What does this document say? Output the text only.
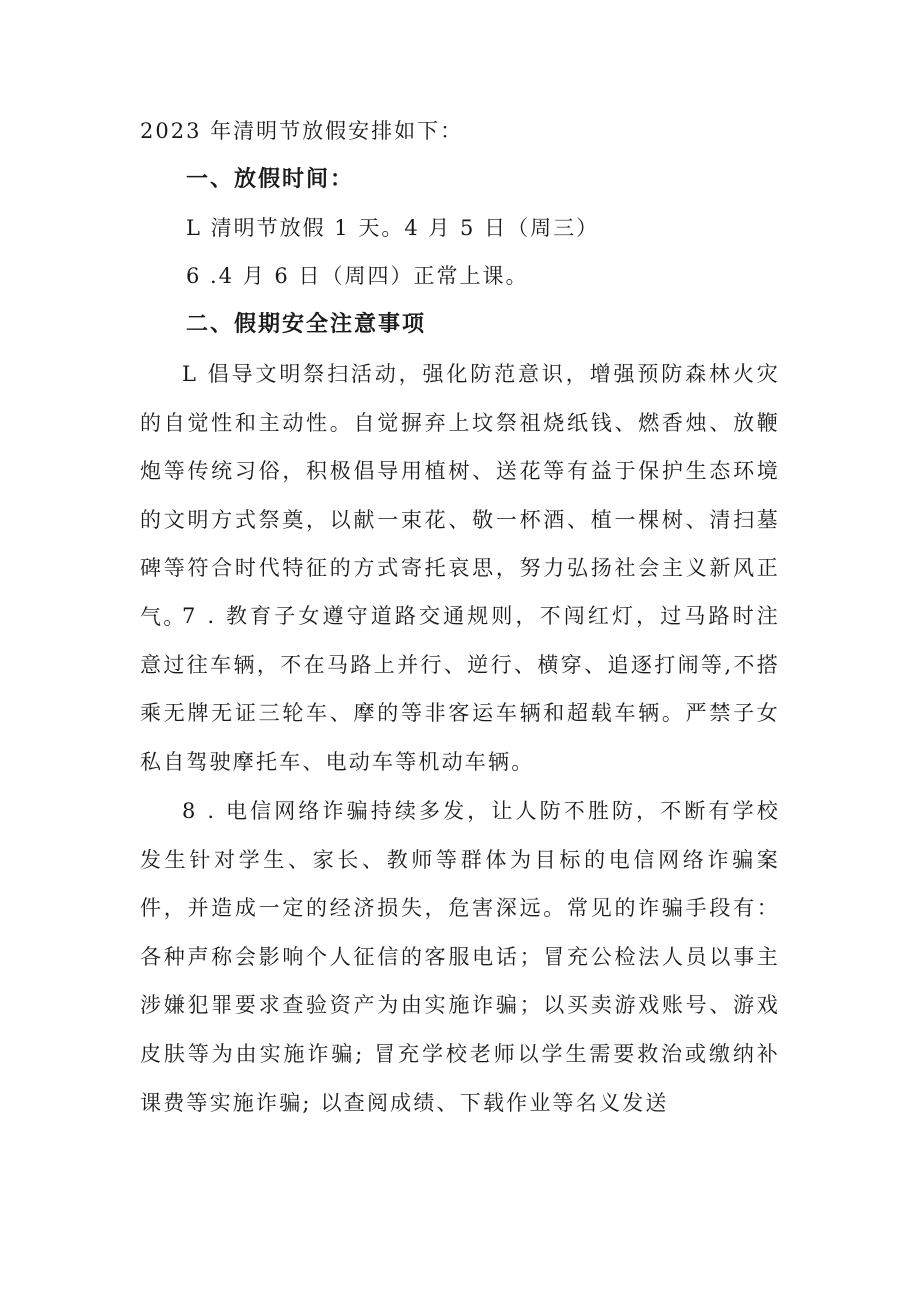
2023 年清明节放假安排如下：
一、放假时间：
L 清明节放假 1 天。4 月 5 日（周三）
6 .4 月 6 日（周四）正常上课。
二、假期安全注意事项
L 倡导文明祭扫活动，强化防范意识，增强预防森林火灾的自觉性和主动性。自觉摒弃上坟祭祖烧纸钱、燃香烛、放鞭炮等传统习俗，积极倡导用植树、送花等有益于保护生态环境的文明方式祭奠，以献一束花、敬一杯酒、植一棵树、清扫墓碑等符合时代特征的方式寄托哀思，努力弘扬社会主义新风正气。
7 . 教育子女遵守道路交通规则，不闯红灯，过马路时注意过往车辆，不在马路上并行、逆行、横穿、追逐打闹等,不搭乘无牌无证三轮车、摩的等非客运车辆和超载车辆。严禁子女私自驾驶摩托车、电动车等机动车辆。
8 . 电信网络诈骗持续多发，让人防不胜防，不断有学校发生针对学生、家长、教师等群体为目标的电信网络诈骗案件，并造成一定的经济损失，危害深远。常见的诈骗手段有：各种声称会影响个人征信的客服电话；冒充公检法人员以事主涉嫌犯罪要求查验资产为由实施诈骗；以买卖游戏账号、游戏皮肤等为由实施诈骗; 冒充学校老师以学生需要救治或缴纳补课费等实施诈骗; 以查阅成绩、下载作业等名义发送
